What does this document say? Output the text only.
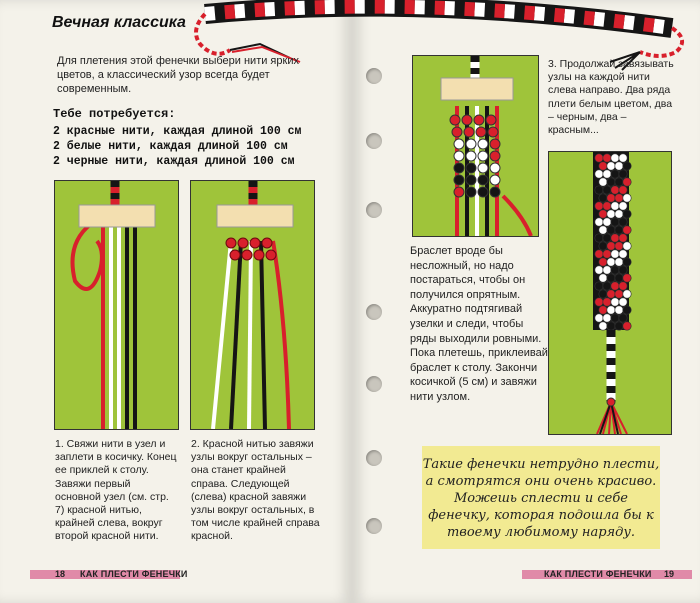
Вечная классика
Для плетения этой фенечки выбери нити ярких цветов, а классический узор всегда будет современным.
Тебе потребуется:
2 красные нити, каждая длиной 100 см
2 белые нити, каждая длиной 100 см
2 черные нити, каждая длиной 100 см
1. Свяжи нити в узел и заплети в косичку. Конец ее приклей к столу. Завяжи первый основной узел (см. стр. 7) красной нитью, крайней слева, вокруг второй красной нити.
2. Красной нитью завяжи узлы вокруг остальных – она станет крайней справа. Следующей (слева) красной завяжи узлы вокруг остальных, в том числе крайней справа красной.
3. Продолжай завязывать узлы на каждой нити слева направо. Два ряда плети белым цветом, два – черным, два – красным...
Браслет вроде бы несложный, но надо постараться, чтобы он получился опрятным. Аккуратно подтягивай узелки и следи, чтобы ряды выходили ровными. Пока плетешь, приклеивай браслет к столу. Закончи косичкой (5 см) и завяжи нити узлом.
Такие фенечки нетрудно плести, а смотрятся они очень красиво. Можешь сплести и себе фенечку, которая подошла бы к твоему любимому наряду.
18 КАК ПЛЕСТИ ФЕНЕЧКИ	КАК ПЛЕСТИ ФЕНЕЧКИ 19
